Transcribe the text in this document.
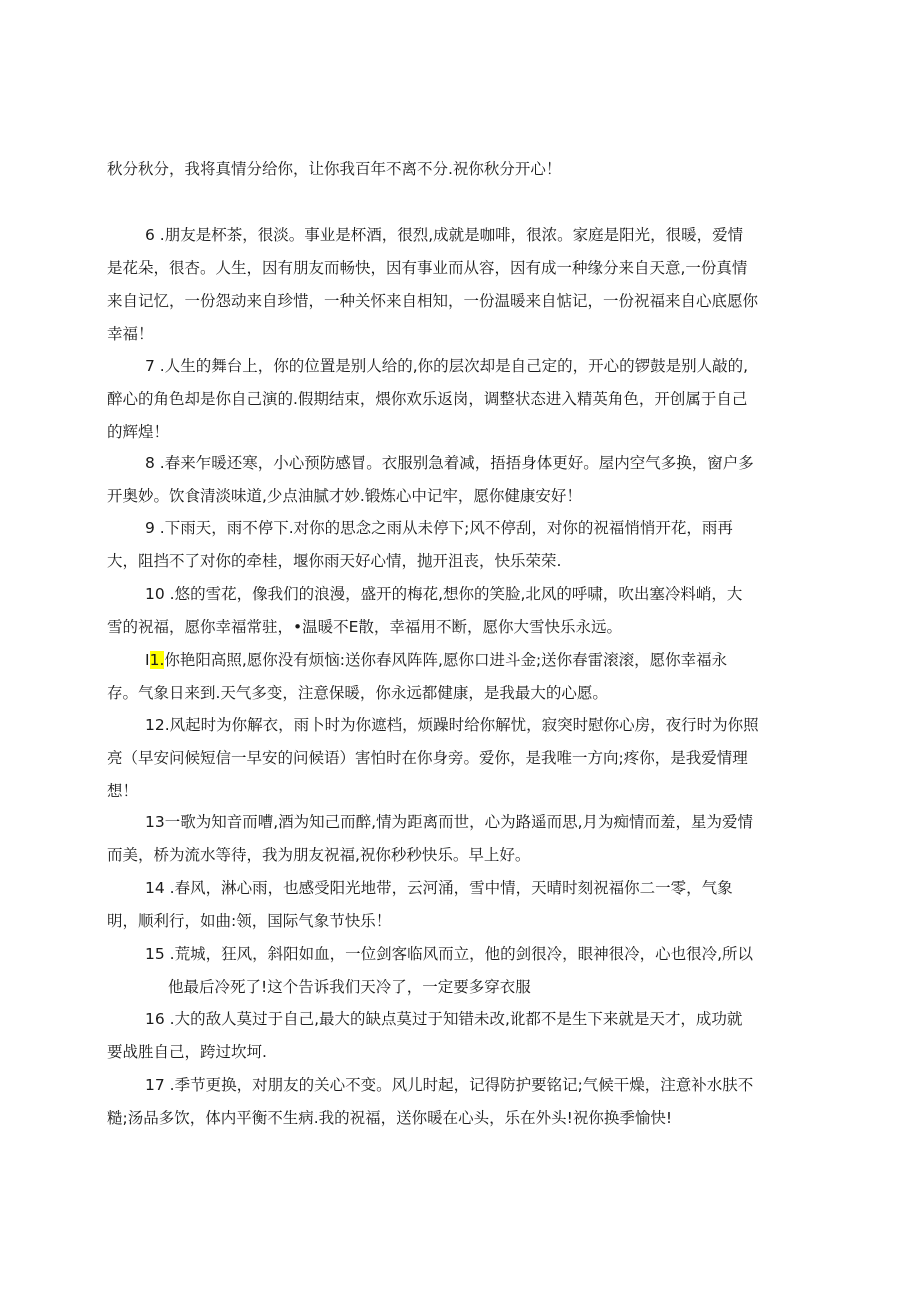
秋分秋分，我将真情分给你，让你我百年不离不分.祝你秋分开心！

6 .朋友是杯茶，很淡。事业是杯酒，很烈,成就是咖啡，很浓。家庭是阳光，很暖，爱情
是花朵，很杏。人生，因有朋友而畅快，因有事业而从容，因有成一种缘分来自天意,一份真情
来自记忆，一份怨动来自珍惜，一种关怀来自相知，一份温暖来自惦记，一份祝福来自心底愿你
幸福！

7 .人生的舞台上，你的位置是别人给的,你的层次却是自己定的，开心的锣鼓是别人敲的,
醉心的角色却是你自己演的.假期结束，煨你欢乐返岗，调整状态进入精英角色，开创属于自己
的辉煌！

8 .春来乍暖还寒，小心预防感冒。衣服别急着减，捂捂身体更好。屋内空气多换，窗户多
开奥妙。饮食清淡味道,少点油腻才妙.锻炼心中记牢，愿你健康安好！

9 .下雨天，雨不停下.对你的思念之雨从未停下;风不停刮，对你的祝福悄悄开花，雨再
大，阻挡不了对你的牵桂，堰你雨天好心情，抛开沮丧，快乐荣荣.

10 .悠的雪花，像我们的浪漫，盛开的梅花,想你的笑脸,北风的呼啸，吹出塞冷料峭，大
雪的祝福，愿你幸福常驻，•温暖不E散，幸福用不断，愿你大雪快乐永远。

I1.你艳阳高照,愿你没有烦恼:送你春风阵阵,愿你口进斗金;送你春雷滚滚，愿你幸福永
存。气象日来到.天气多变，注意保暖，你永远都健康，是我最大的心愿。

12.风起时为你解衣，雨卜时为你遮档，烦躁时给你解忧，寂突时慰你心房，夜行时为你照
亮（早安问候短信一早安的问候语）害怕时在你身旁。爱你，是我唯一方向;疼你，是我爱情理
想！

13一歌为知音而嘈,酒为知己而醉,情为距离而世，心为路遥而思,月为痴情而羞，星为爱情
而美，桥为流水等待，我为朋友祝福,祝你秒秒快乐。早上好。

14 .春风，淋心雨，也感受阳光地带，云河涌，雪中情，天晴时刻祝福你二一零，气象
明，顺利行，如曲:领，国际气象节快乐！

15 .荒城，狂风，斜阳如血，一位剑客临风而立，他的剑很冷，眼神很冷，心也很冷,所以
他最后冷死了!这个告诉我们天冷了，一定要多穿衣服

16 .大的敌人莫过于自己,最大的缺点莫过于知错未改,讹都不是生下来就是天才，成功就
要战胜自己，跨过坎坷.

17 .季节更换，对朋友的关心不变。风儿时起，记得防护要铭记;气候干燥，注意补水肤不
糙;汤品多饮，体内平衡不生病.我的祝福，送你暖在心头，乐在外头!祝你换季愉快!
